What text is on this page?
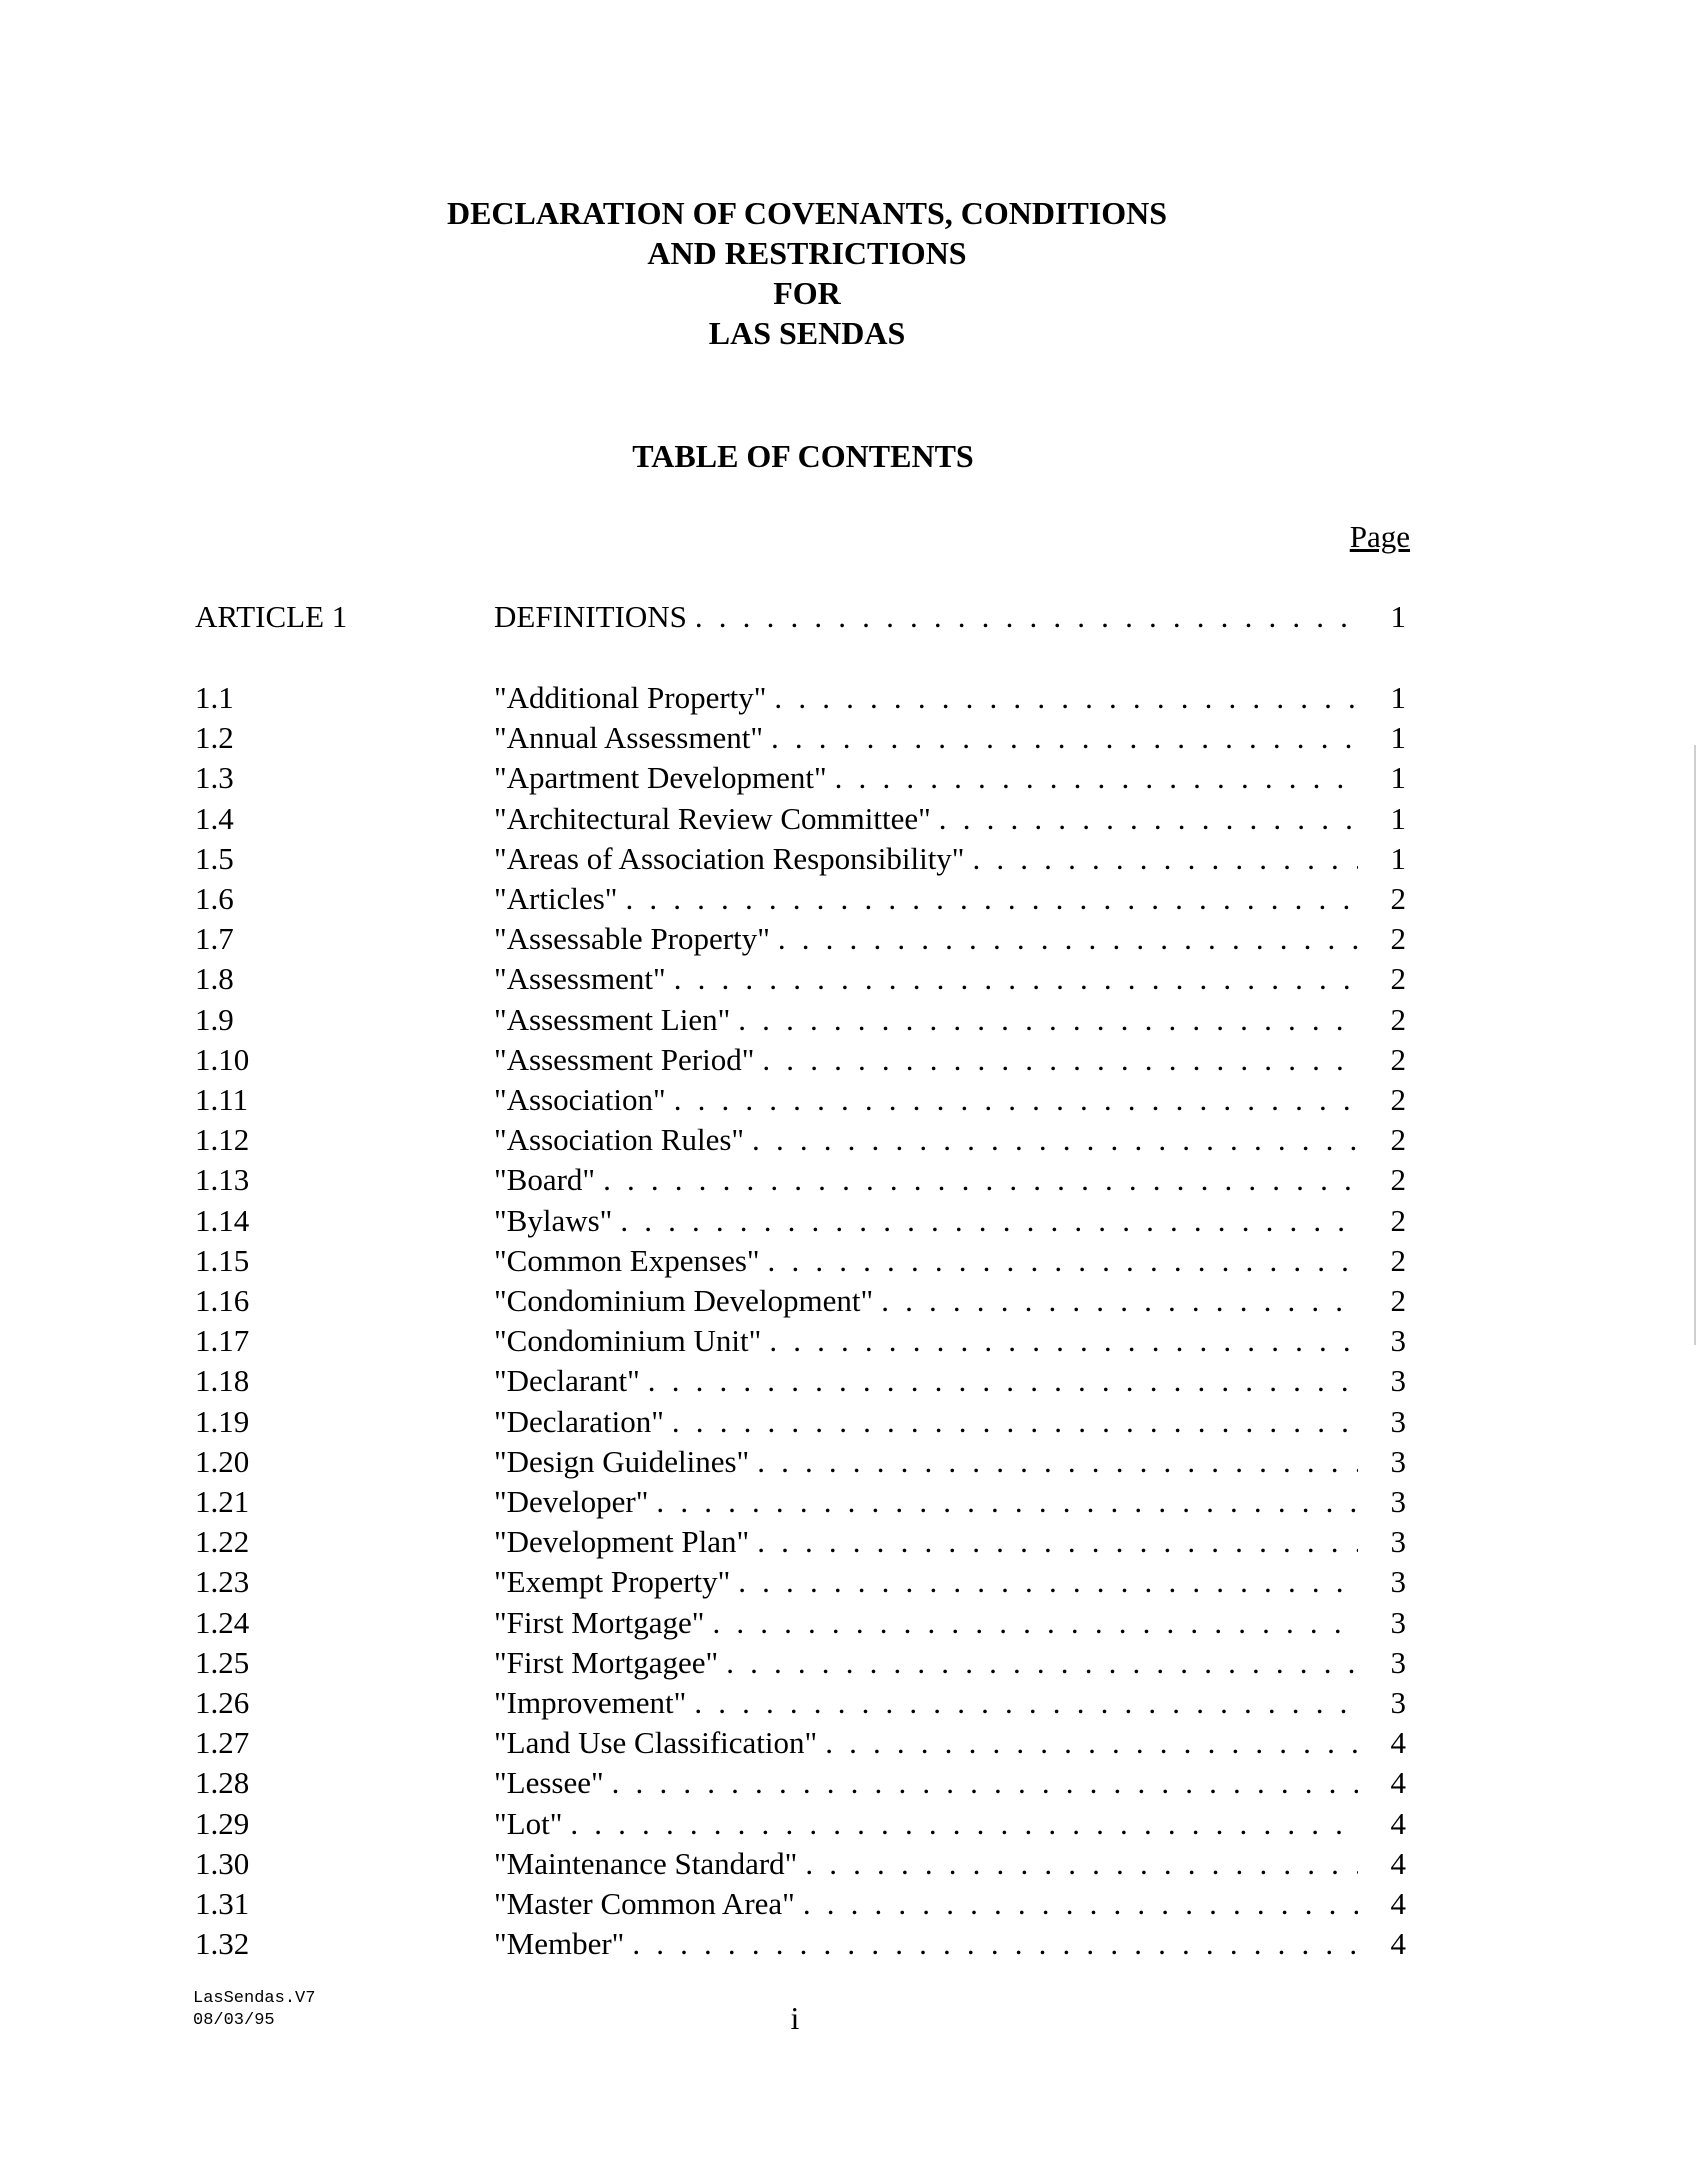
DECLARATION OF COVENANTS, CONDITIONS
AND RESTRICTIONS
FOR
LAS SENDAS
TABLE OF CONTENTS
Page
ARTICLE 1	DEFINITIONS . . .	1
1.1	"Additional Property" . . .	1
1.2	"Annual Assessment" . . .	1
1.3	"Apartment Development" . . .	1
1.4	"Architectural Review Committee" . . .	1
1.5	"Areas of Association Responsibility" . . .	1
1.6	"Articles" . . .	2
1.7	"Assessable Property" . . .	2
1.8	"Assessment" . . .	2
1.9	"Assessment Lien" . . .	2
1.10	"Assessment Period" . . .	2
1.11	"Association" . . .	2
1.12	"Association Rules" . . .	2
1.13	"Board" . . .	2
1.14	"Bylaws" . . .	2
1.15	"Common Expenses" . . .	2
1.16	"Condominium Development" . . .	2
1.17	"Condominium Unit" . . .	3
1.18	"Declarant" . . .	3
1.19	"Declaration" . . .	3
1.20	"Design Guidelines" . . .	3
1.21	"Developer" . . .	3
1.22	"Development Plan" . . .	3
1.23	"Exempt Property" . . .	3
1.24	"First Mortgage" . . .	3
1.25	"First Mortgagee" . . .	3
1.26	"Improvement" . . .	3
1.27	"Land Use Classification" . . .	4
1.28	"Lessee" . . .	4
1.29	"Lot" . . .	4
1.30	"Maintenance Standard" . . .	4
1.31	"Master Common Area" . . .	4
1.32	"Member" . . .	4
LasSendas.V7
08/03/95	i
